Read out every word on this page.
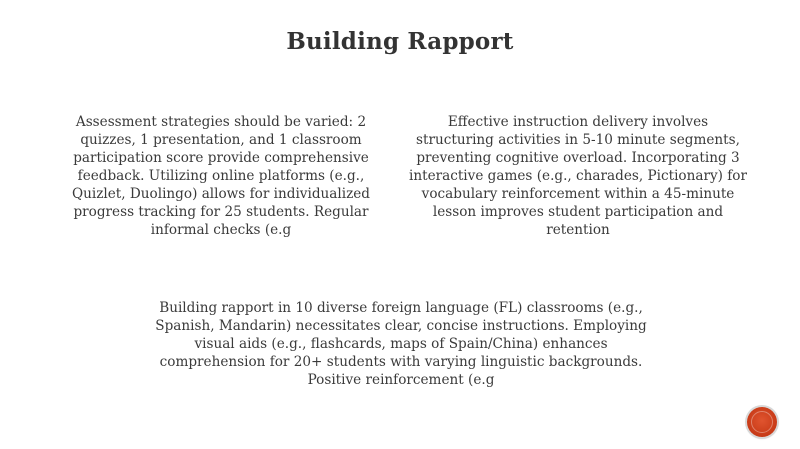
Building Rapport
Assessment strategies should be varied: 2
quizzes, 1 presentation, and 1 classroom
participation score provide comprehensive
feedback. Utilizing online platforms (e.g.,
Quizlet, Duolingo) allows for individualized
progress tracking for 25 students. Regular
informal checks (e.g
Effective instruction delivery involves
structuring activities in 5-10 minute segments,
preventing cognitive overload. Incorporating 3
interactive games (e.g., charades, Pictionary) for
vocabulary reinforcement within a 45-minute
lesson improves student participation and
retention
Building rapport in 10 diverse foreign language (FL) classrooms (e.g.,
Spanish, Mandarin) necessitates clear, concise instructions. Employing
visual aids (e.g., flashcards, maps of Spain/China) enhances
comprehension for 20+ students with varying linguistic backgrounds.
Positive reinforcement (e.g
